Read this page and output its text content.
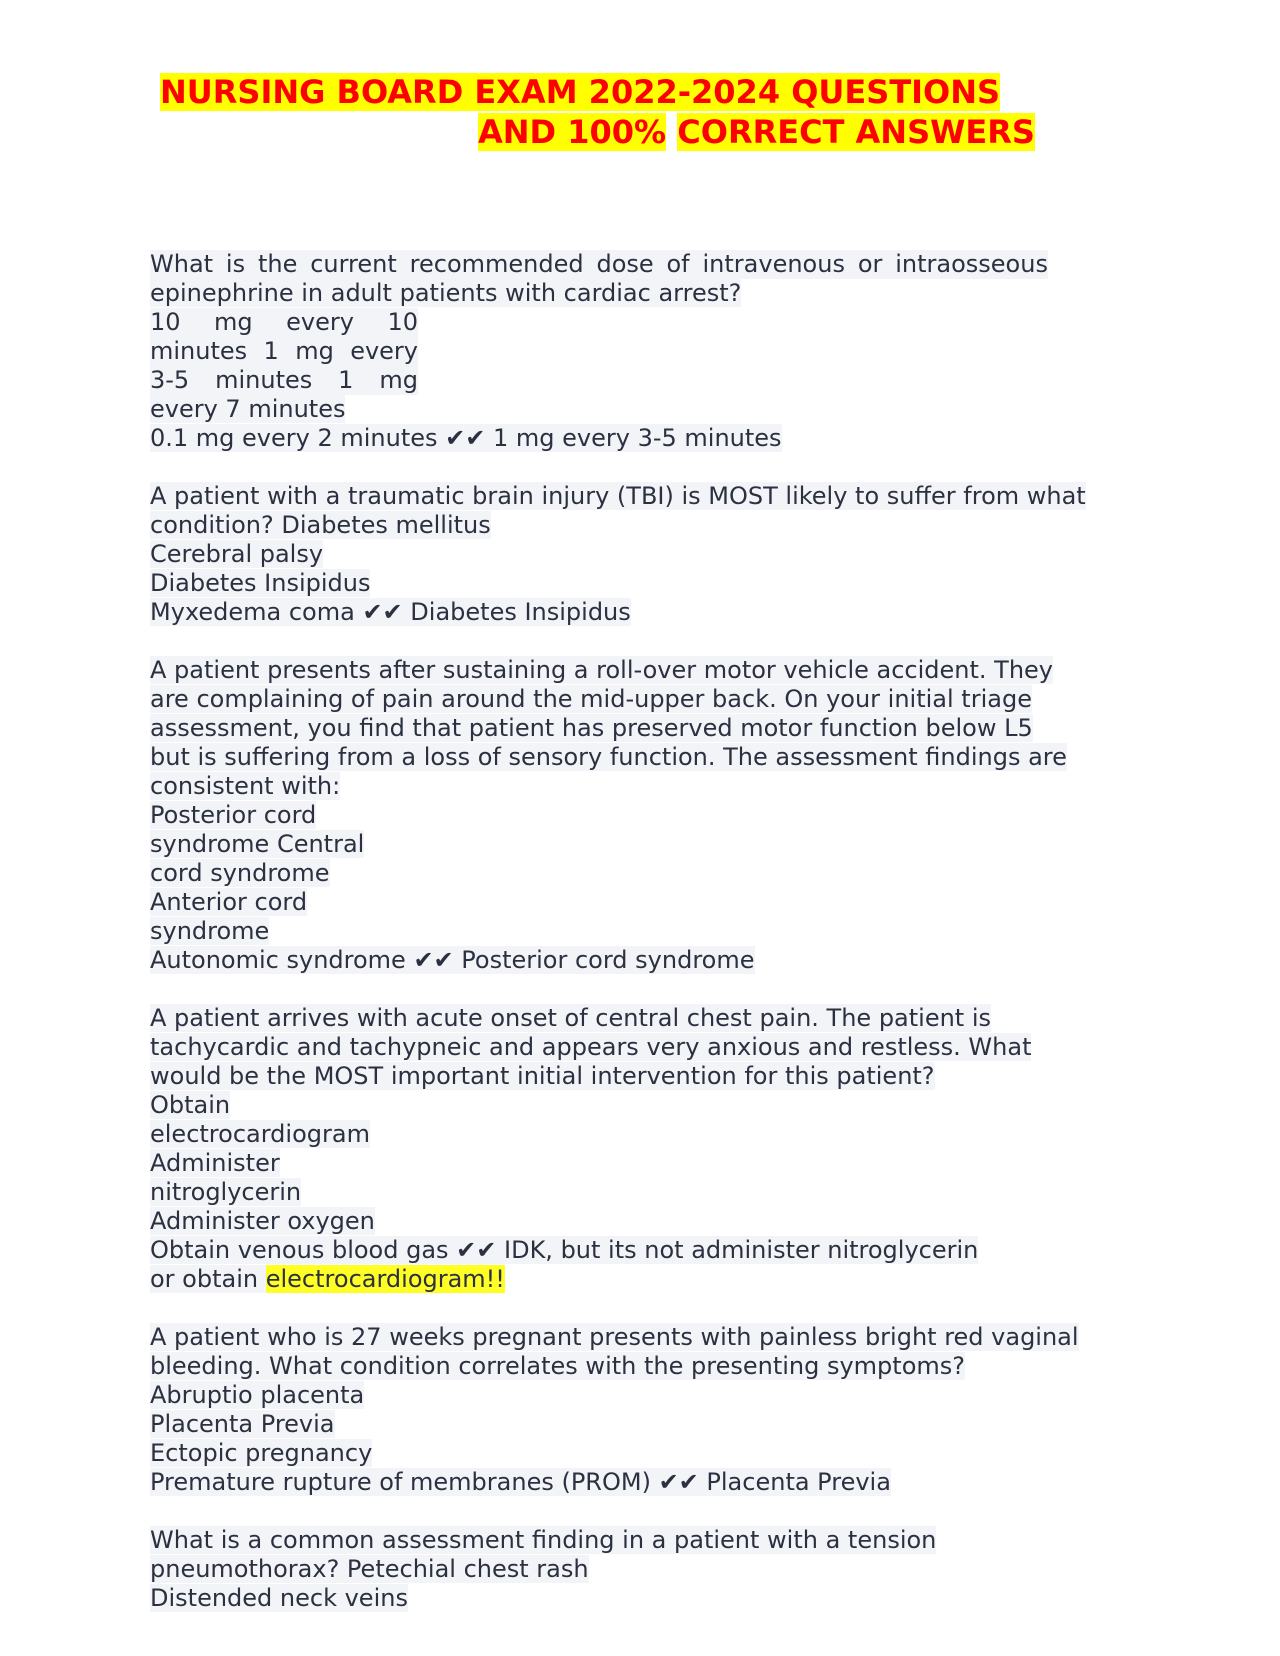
NURSING BOARD EXAM 2022-2024 QUESTIONS
AND 100% CORRECT ANSWERS
What is the current recommended dose of intravenous or intraosseous
epinephrine in adult patients with cardiac arrest?
10 mg every 10
minutes 1 mg every
3-5 minutes 1 mg
every 7 minutes
0.1 mg every 2 minutes ✔✔ 1 mg every 3-5 minutes
A patient with a traumatic brain injury (TBI) is MOST likely to suffer from what
condition? Diabetes mellitus
Cerebral palsy
Diabetes Insipidus
Myxedema coma ✔✔ Diabetes Insipidus
A patient presents after sustaining a roll-over motor vehicle accident. They
are complaining of pain around the mid-upper back. On your initial triage
assessment, you find that patient has preserved motor function below L5
but is suffering from a loss of sensory function. The assessment findings are
consistent with:
Posterior cord
syndrome Central
cord syndrome
Anterior cord
syndrome
Autonomic syndrome ✔✔ Posterior cord syndrome
A patient arrives with acute onset of central chest pain. The patient is
tachycardic and tachypneic and appears very anxious and restless. What
would be the MOST important initial intervention for this patient?
Obtain
electrocardiogram
Administer
nitroglycerin
Administer oxygen
Obtain venous blood gas ✔✔ IDK, but its not administer nitroglycerin
or obtain electrocardiogram!!
A patient who is 27 weeks pregnant presents with painless bright red vaginal
bleeding. What condition correlates with the presenting symptoms?
Abruptio placenta
Placenta Previa
Ectopic pregnancy
Premature rupture of membranes (PROM) ✔✔ Placenta Previa
What is a common assessment finding in a patient with a tension
pneumothorax? Petechial chest rash
Distended neck veins
